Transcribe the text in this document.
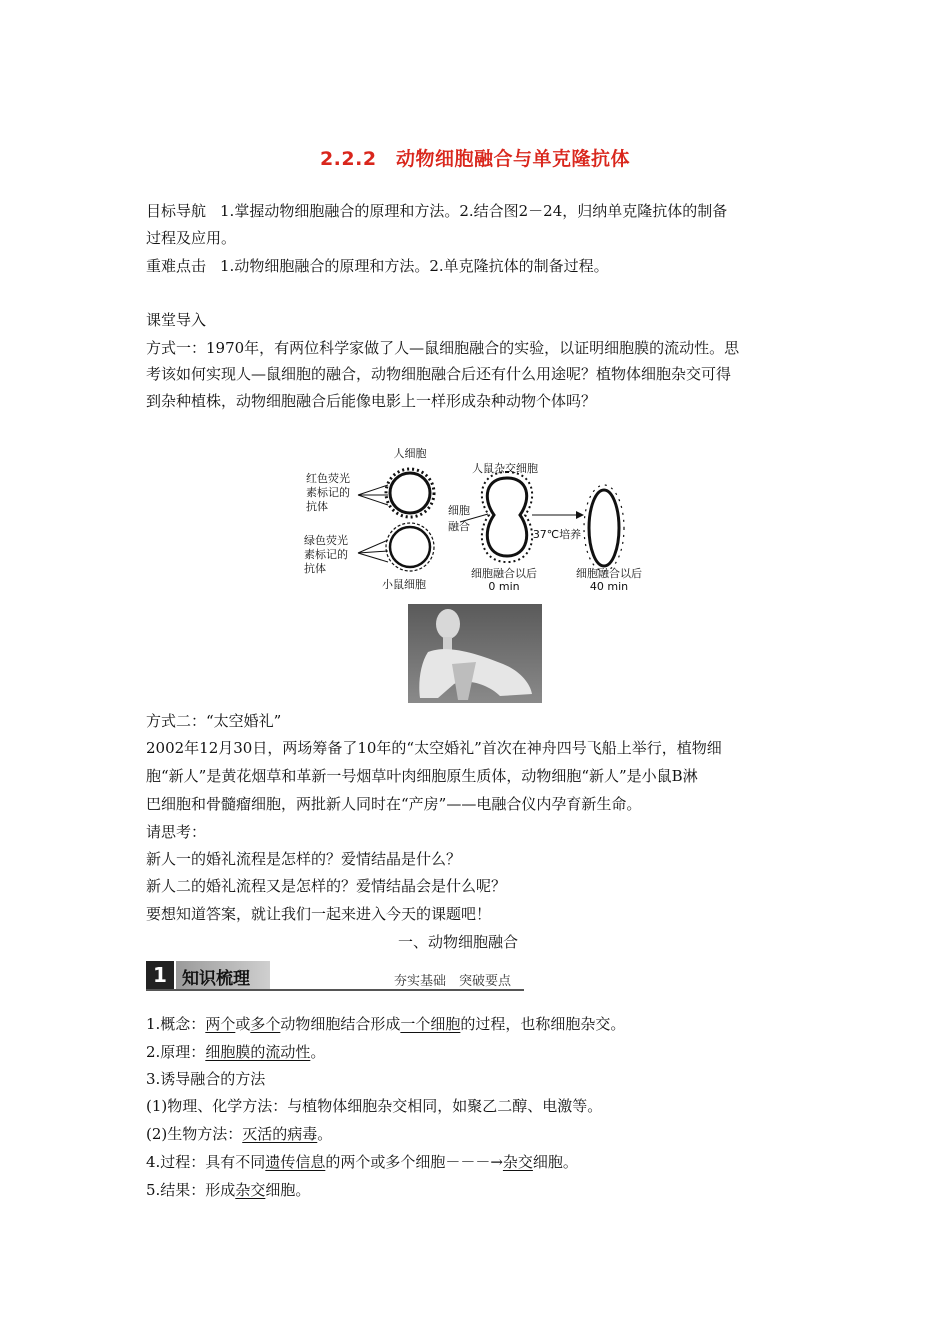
2.2.2　动物细胞融合与单克隆抗体
目标导航 1.掌握动物细胞融合的原理和方法。2.结合图2－24，归纳单克隆抗体的制备
过程及应用。
重难点击 1.动物细胞融合的原理和方法。2.单克隆抗体的制备过程。
课堂导入
方式一：1970年，有两位科学家做了人—鼠细胞融合的实验，以证明细胞膜的流动性。思
考该如何实现人—鼠细胞的融合，动物细胞融合后还有什么用途呢？植物体细胞杂交可得
到杂种植株，动物细胞融合后能像电影上一样形成杂种动物个体吗？
人细胞
红色荧光
素标记的
抗体
绿色荧光
素标记的
抗体
小鼠细胞
细胞
融合
人鼠杂交细胞
37℃培养
细胞融合以后
0 min
细胞融合以后
40 min
方式二：“太空婚礼”
2002年12月30日，两场筹备了10年的“太空婚礼”首次在神舟四号飞船上举行，植物细
胞“新人”是黄花烟草和革新一号烟草叶肉细胞原生质体，动物细胞“新人”是小鼠B淋
巴细胞和骨髓瘤细胞，两批新人同时在“产房”——电融合仪内孕育新生命。
请思考：
新人一的婚礼流程是怎样的？爱情结晶是什么？
新人二的婚礼流程又是怎样的？爱情结晶会是什么呢？
要想知道答案，就让我们一起来进入今天的课题吧！
一、动物细胞融合
1 知识梳理	夯实基础　突破要点
1.概念：两个或多个动物细胞结合形成一个细胞的过程，也称细胞杂交。
2.原理：细胞膜的流动性。
3.诱导融合的方法
(1)物理、化学方法：与植物体细胞杂交相同，如聚乙二醇、电激等。
(2)生物方法：灭活的病毒。
4.过程：具有不同遗传信息的两个或多个细胞－－－→杂交细胞。
5.结果：形成杂交细胞。
